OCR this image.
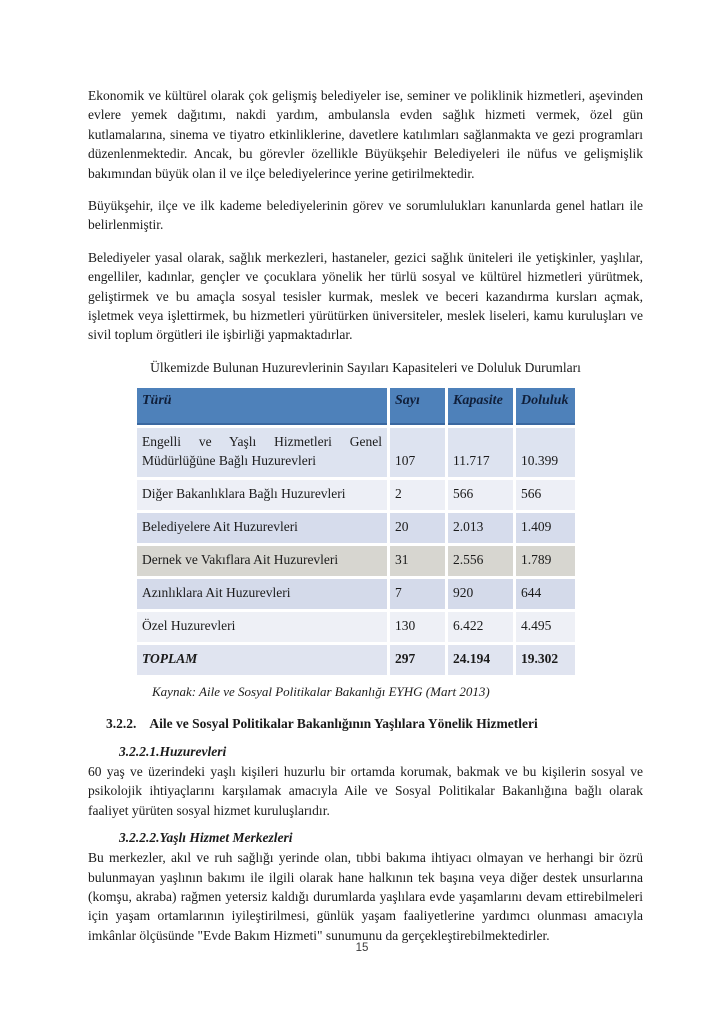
Ekonomik ve kültürel olarak çok gelişmiş belediyeler ise, seminer ve poliklinik hizmetleri, aşevinden evlere yemek dağıtımı, nakdi yardım, ambulansla evden sağlık hizmeti vermek, özel gün kutlamalarına, sinema ve tiyatro etkinliklerine, davetlere katılımları sağlanmakta ve gezi programları düzenlenmektedir. Ancak, bu görevler özellikle Büyükşehir Belediyeleri ile nüfus ve gelişmişlik bakımından büyük olan il ve ilçe belediyelerince yerine getirilmektedir.

Büyükşehir, ilçe ve ilk kademe belediyelerinin görev ve sorumlulukları kanunlarda genel hatları ile belirlenmiştir.

Belediyeler yasal olarak, sağlık merkezleri, hastaneler, gezici sağlık üniteleri ile yetişkinler, yaşlılar, engelliler, kadınlar, gençler ve çocuklara yönelik her türlü sosyal ve kültürel hizmetleri yürütmek, geliştirmek ve bu amaçla sosyal tesisler kurmak, meslek ve beceri kazandırma kursları açmak, işletmek veya işlettirmek, bu hizmetleri yürütürken üniversiteler, meslek liseleri, kamu kuruluşları ve sivil toplum örgütleri ile işbirliği yapmaktadırlar.

Ülkemizde Bulunan Huzurevlerinin Sayıları Kapasiteleri ve Doluluk Durumları
Türü	Sayı	Kapasite	Doluluk
Engelli ve Yaşlı Hizmetleri Genel Müdürlüğüne Bağlı Huzurevleri	107	11.717	10.399
Diğer Bakanlıklara Bağlı Huzurevleri	2	566	566
Belediyelere Ait Huzurevleri	20	2.013	1.409
Dernek ve Vakıflara Ait Huzurevleri	31	2.556	1.789
Azınlıklara Ait Huzurevleri	7	920	644
Özel Huzurevleri	130	6.422	4.495
TOPLAM	297	24.194	19.302
Kaynak: Aile ve Sosyal Politikalar Bakanlığı EYHG (Mart 2013)
3.2.2. Aile ve Sosyal Politikalar Bakanlığının Yaşlılara Yönelik Hizmetleri
3.2.2.1.Huzurevleri

60 yaş ve üzerindeki yaşlı kişileri huzurlu bir ortamda korumak, bakmak ve bu kişilerin sosyal ve psikolojik ihtiyaçlarını karşılamak amacıyla Aile ve Sosyal Politikalar Bakanlığına bağlı olarak faaliyet yürüten sosyal hizmet kuruluşlarıdır.

3.2.2.2.Yaşlı Hizmet Merkezleri

Bu merkezler, akıl ve ruh sağlığı yerinde olan, tıbbi bakıma ihtiyacı olmayan ve herhangi bir özrü bulunmayan yaşlının bakımı ile ilgili olarak hane halkının tek başına veya diğer destek unsurlarına (komşu, akraba) rağmen yetersiz kaldığı durumlarda yaşlılara evde yaşamlarını devam ettirebilmeleri için yaşam ortamlarının iyileştirilmesi, günlük yaşam faaliyetlerine yardımcı olunması amacıyla imkânlar ölçüsünde "Evde Bakım Hizmeti" sunumunu da gerçekleştirebilmektedirler.

15
